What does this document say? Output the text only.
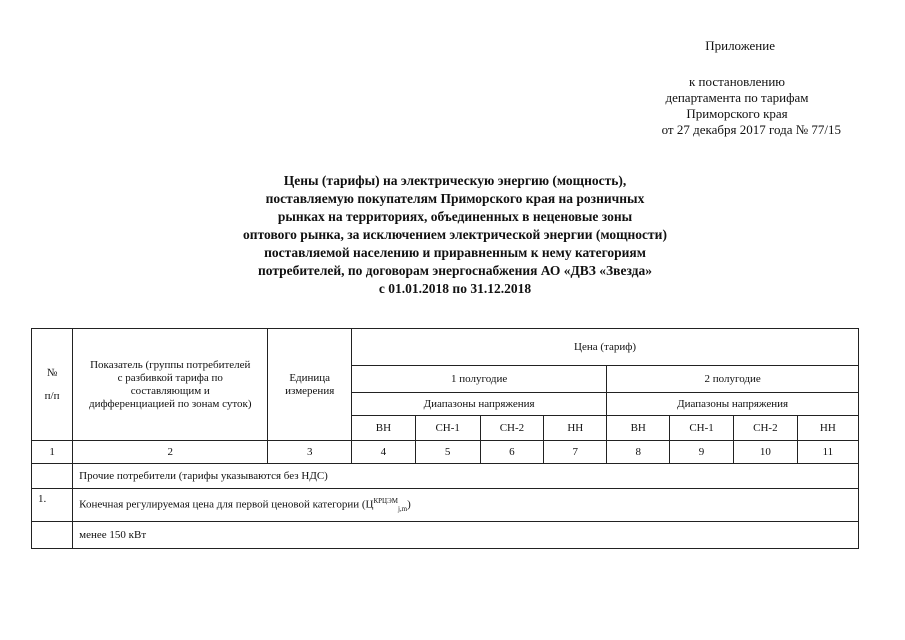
Приложение
к постановлению
департамента по тарифам
Приморского края
от 27 декабря 2017 года № 77/15
Цены (тарифы) на электрическую энергию (мощность),
поставляемую покупателям Приморского края на розничных
рынках на территориях, объединенных в неценовые зоны
оптового рынка, за исключением электрической энергии (мощности)
поставляемой населению и приравненным к нему категориям
потребителей, по договорам энергоснабжения АО «ДВЗ «Звезда»
с 01.01.2018 по 31.12.2018
№
п/п	Показатель (группы потребителей с разбивкой тарифа по составляющим и дифференциацией по зонам суток)	Единица измерения	Цена (тариф)							
			1 полугодие				2 полугодие			
			Диапазоны напряжения				Диапазоны напряжения			
			ВН	СН-1	СН-2	НН	ВН	СН-1	СН-2	НН
1	2	3	4	5	6	7	8	9	10	11
	Прочие потребители (тарифы указываются без НДС)									
1.	Конечная регулируемая цена для первой ценовой категории $(Ц^{КРЦЭМ}_{j,m})$									
	менее 150 кВт									
